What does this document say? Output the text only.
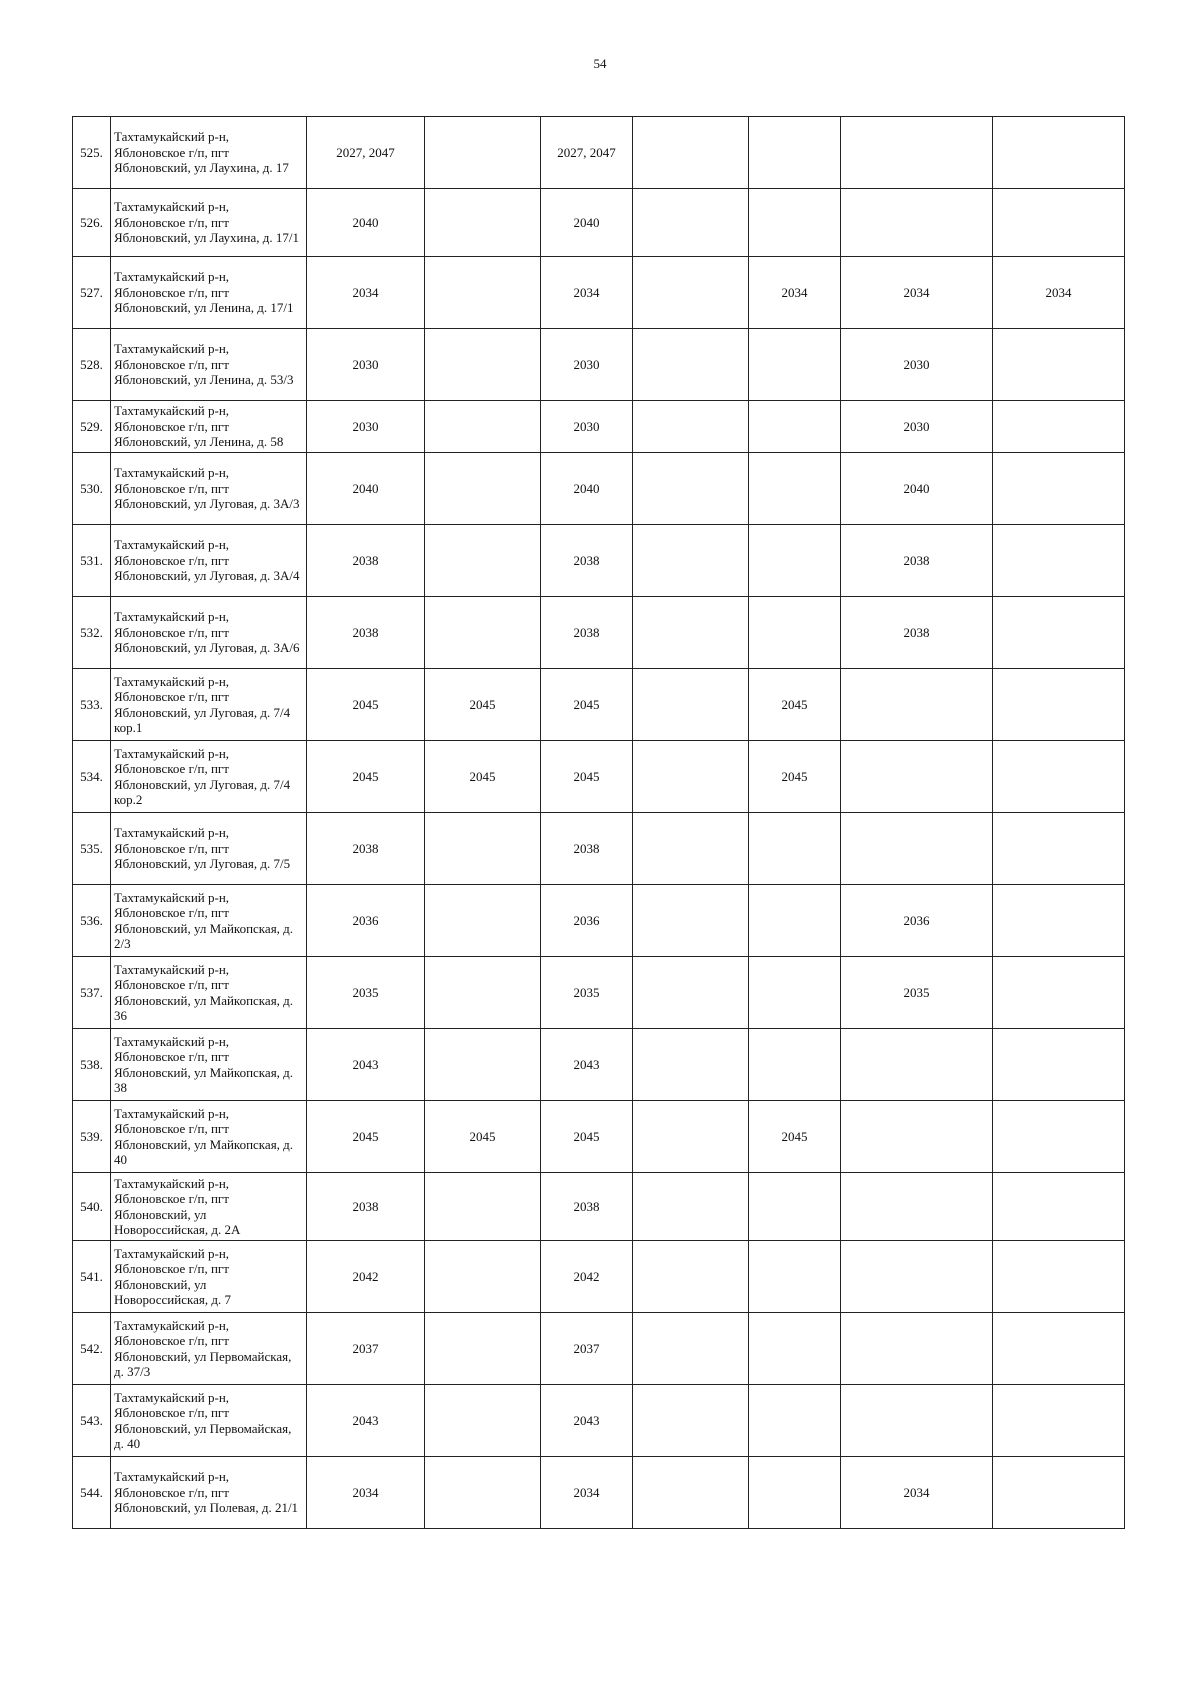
54
525.	Тахтамукайский р-н, Яблоновское г/п, пгт Яблоновский, ул Лаухина, д. 17	2027, 2047		2027, 2047				
526.	Тахтамукайский р-н, Яблоновское г/п, пгт Яблоновский, ул Лаухина, д. 17/1	2040		2040				
527.	Тахтамукайский р-н, Яблоновское г/п, пгт Яблоновский, ул Ленина, д. 17/1	2034		2034		2034	2034	2034
528.	Тахтамукайский р-н, Яблоновское г/п, пгт Яблоновский, ул Ленина, д. 53/3	2030		2030			2030	
529.	Тахтамукайский р-н, Яблоновское г/п, пгт Яблоновский, ул Ленина, д. 58	2030		2030			2030	
530.	Тахтамукайский р-н, Яблоновское г/п, пгт Яблоновский, ул Луговая, д. 3А/3	2040		2040			2040	
531.	Тахтамукайский р-н, Яблоновское г/п, пгт Яблоновский, ул Луговая, д. 3А/4	2038		2038			2038	
532.	Тахтамукайский р-н, Яблоновское г/п, пгт Яблоновский, ул Луговая, д. 3А/6	2038		2038			2038	
533.	Тахтамукайский р-н, Яблоновское г/п, пгт Яблоновский, ул Луговая, д. 7/4 кор.1	2045	2045	2045		2045		
534.	Тахтамукайский р-н, Яблоновское г/п, пгт Яблоновский, ул Луговая, д. 7/4 кор.2	2045	2045	2045		2045		
535.	Тахтамукайский р-н, Яблоновское г/п, пгт Яблоновский, ул Луговая, д. 7/5	2038		2038				
536.	Тахтамукайский р-н, Яблоновское г/п, пгт Яблоновский, ул Майкопская, д. 2/3	2036		2036			2036	
537.	Тахтамукайский р-н, Яблоновское г/п, пгт Яблоновский, ул Майкопская, д. 36	2035		2035			2035	
538.	Тахтамукайский р-н, Яблоновское г/п, пгт Яблоновский, ул Майкопская, д. 38	2043		2043				
539.	Тахтамукайский р-н, Яблоновское г/п, пгт Яблоновский, ул Майкопская, д. 40	2045	2045	2045		2045		
540.	Тахтамукайский р-н, Яблоновское г/п, пгт Яблоновский, ул Новороссийская, д. 2А	2038		2038				
541.	Тахтамукайский р-н, Яблоновское г/п, пгт Яблоновский, ул Новороссийская, д. 7	2042		2042				
542.	Тахтамукайский р-н, Яблоновское г/п, пгт Яблоновский, ул Первомайская, д. 37/3	2037		2037				
543.	Тахтамукайский р-н, Яблоновское г/п, пгт Яблоновский, ул Первомайская, д. 40	2043		2043				
544.	Тахтамукайский р-н, Яблоновское г/п, пгт Яблоновский, ул Полевая, д. 21/1	2034		2034			2034	
